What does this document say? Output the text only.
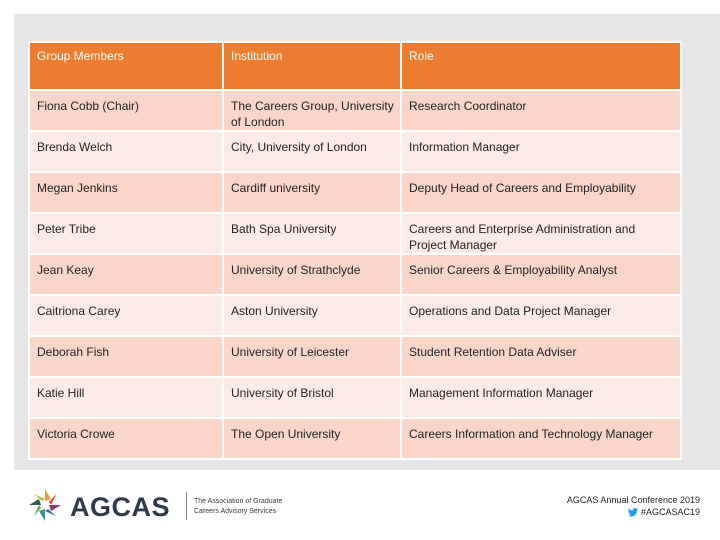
Group Members	Institution	Role
Fiona Cobb (Chair)	The Careers Group, University of London	Research Coordinator
Brenda Welch	City, University of London	Information Manager
Megan Jenkins	Cardiff university	Deputy Head of Careers and Employability
Peter Tribe	Bath Spa University	Careers and Enterprise Administration and Project Manager
Jean Keay	University of Strathclyde	Senior Careers & Employability Analyst
Caitriona Carey	Aston University	Operations and Data Project Manager
Deborah Fish	University of Leicester	Student Retention Data Adviser
Katie Hill	University of Bristol	Management Information Manager
Victoria Crowe	The Open University	Careers Information and Technology Manager
AGCAS	The Association of Graduate Careers Advisory Services
AGCAS Annual Conference 2019
#AGCASAC19
